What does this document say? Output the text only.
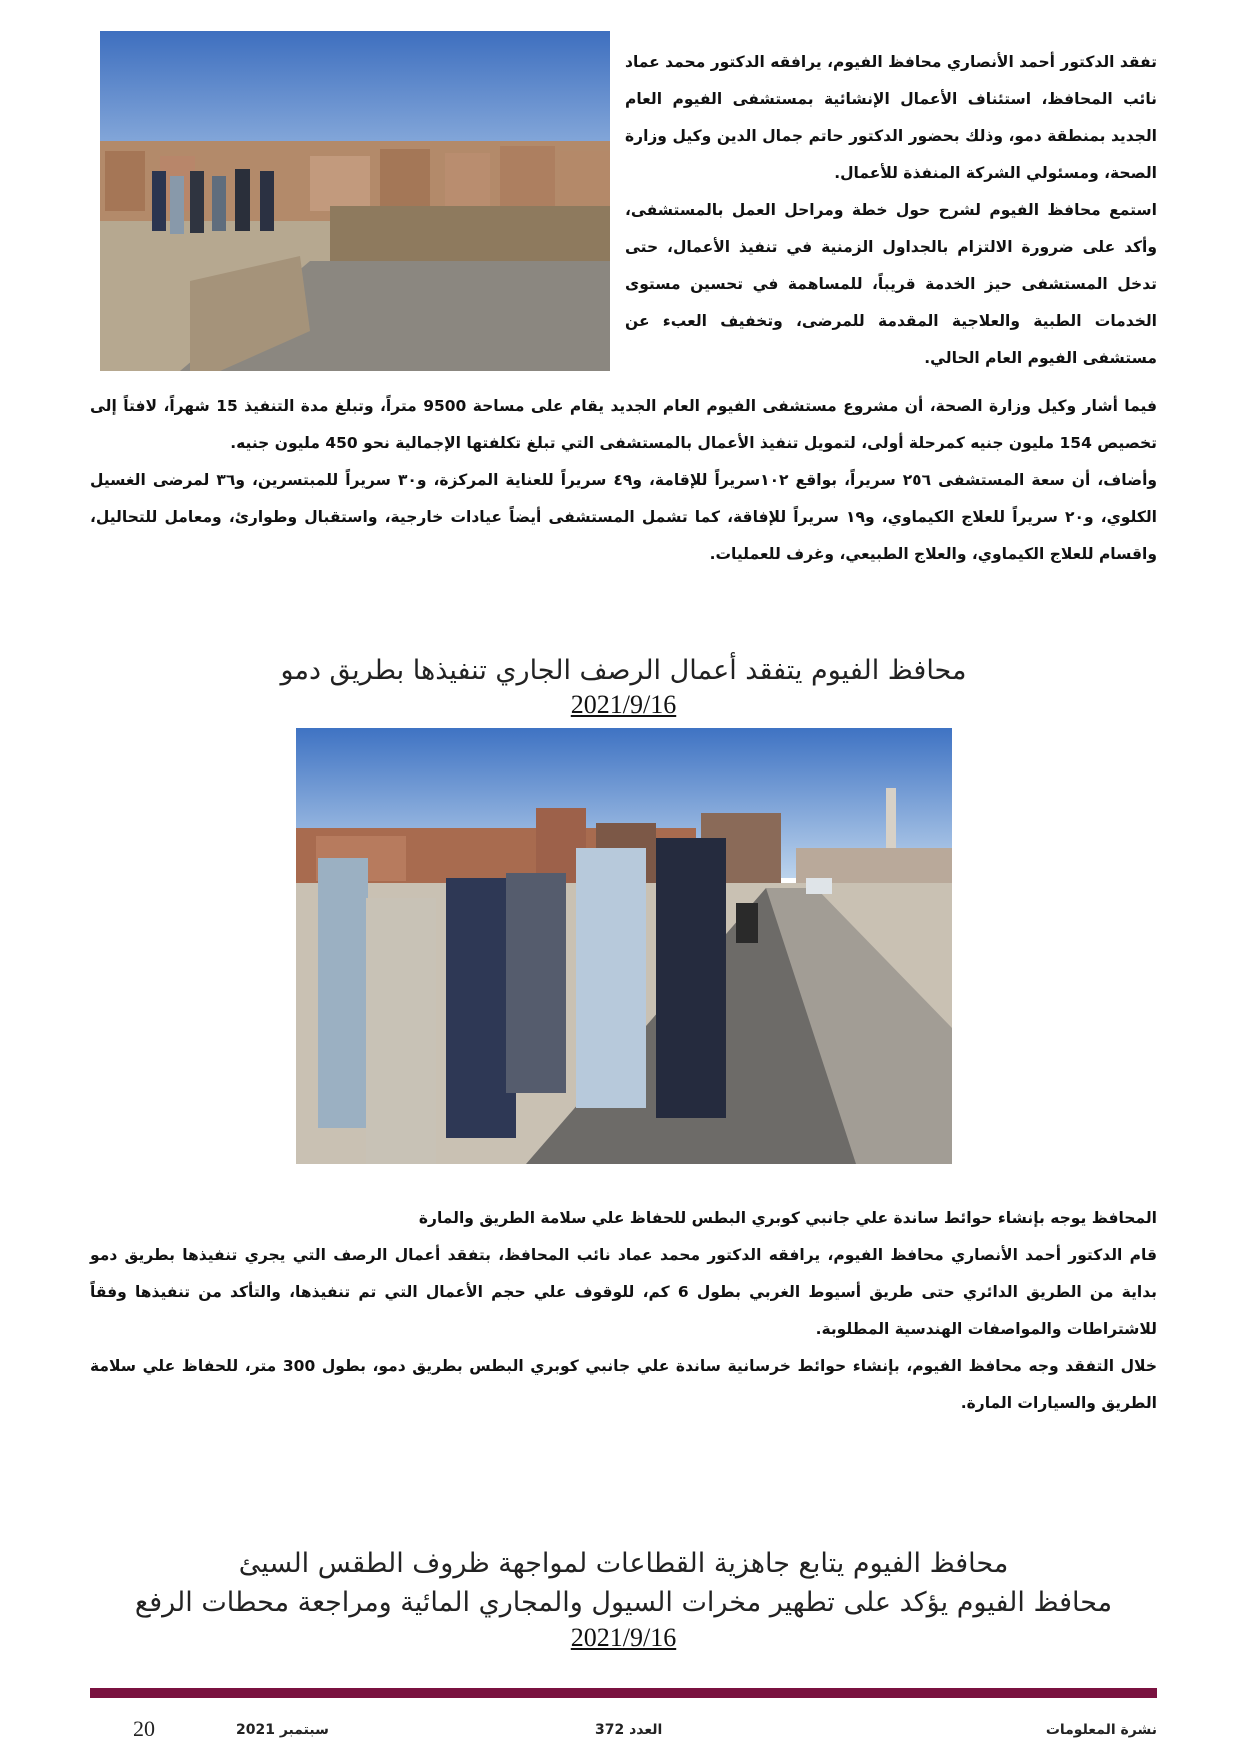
تفقد الدكتور أحمد الأنصاري محافظ الفيوم، يرافقه الدكتور محمد عماد نائب المحافظ، استئناف الأعمال الإنشائية بمستشفى الفيوم العام الجديد بمنطقة دمو، وذلك بحضور الدكتور حاتم جمال الدين وكيل وزارة الصحة، ومسئولي الشركة المنفذة للأعمال.

استمع محافظ الفيوم لشرح حول خطة ومراحل العمل بالمستشفى، وأكد على ضرورة الالتزام بالجداول الزمنية في تنفيذ الأعمال، حتى تدخل المستشفى حيز الخدمة قريباً، للمساهمة في تحسين مستوى الخدمات الطبية والعلاجية المقدمة للمرضى، وتخفيف العبء عن مستشفى الفيوم العام الحالي.

فيما أشار وكيل وزارة الصحة، أن مشروع مستشفى الفيوم العام الجديد يقام على مساحة 9500 متراً، وتبلغ مدة التنفيذ 15 شهراً، لافتاً إلى تخصيص 154 مليون جنيه كمرحلة أولى، لتمويل تنفيذ الأعمال بالمستشفى التي تبلغ تكلفتها الإجمالية نحو 450 مليون جنيه.

وأضاف، أن سعة المستشفى ٢٥٦ سريراً، بواقع ١٠٢سريراً للإقامة، و٤٩ سريراً للعناية المركزة، و٣٠ سريراً للمبتسرين، و٣٦ لمرضى الغسيل الكلوي، و٢٠ سريراً للعلاج الكيماوي، و١٩ سريراً للإفاقة، كما تشمل المستشفى أيضاً عيادات خارجية، واستقبال وطوارئ، ومعامل للتحاليل، واقسام للعلاج الكيماوي، والعلاج الطبيعي، وغرف للعمليات.

محافظ الفيوم يتفقد أعمال الرصف الجاري تنفيذها بطريق دمو
2021/9/16

المحافظ يوجه بإنشاء حوائط ساندة علي جانبي كوبري البطس للحفاظ علي سلامة الطريق والمارة

قام الدكتور أحمد الأنصاري محافظ الفيوم، يرافقه الدكتور محمد عماد نائب المحافظ، بتفقد أعمال الرصف التي يجري تنفيذها بطريق دمو بداية من الطريق الدائري حتى طريق أسيوط الغربي بطول 6 كم، للوقوف علي حجم الأعمال التي تم تنفيذها، والتأكد من تنفيذها وفقاً للاشتراطات والمواصفات الهندسية المطلوبة.

خلال التفقد وجه محافظ الفيوم، بإنشاء حوائط خرسانية ساندة علي جانبي كوبري البطس بطريق دمو، بطول 300 متر، للحفاظ علي سلامة الطريق والسيارات المارة.

محافظ الفيوم يتابع جاهزية القطاعات لمواجهة ظروف الطقس السيئ
محافظ الفيوم يؤكد على تطهير مخرات السيول والمجاري المائية ومراجعة محطات الرفع
2021/9/16
نشرة المعلومات
العدد 372
سبتمبر 2021
20
